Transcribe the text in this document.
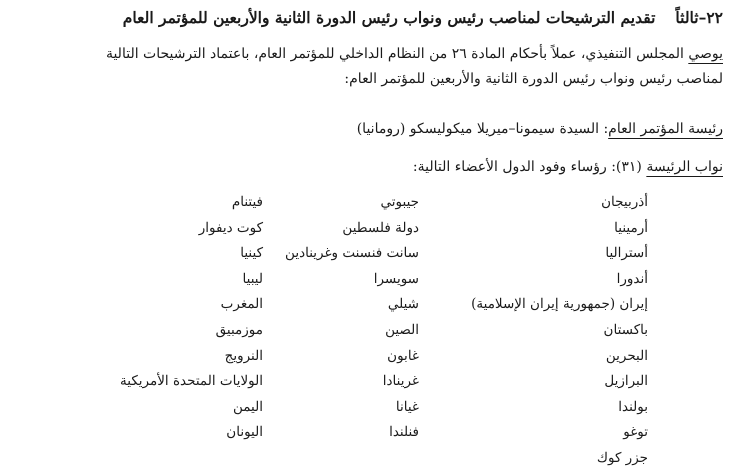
٢٢–ثالثاًتقديم الترشيحات لمناصب رئيس ونواب رئيس الدورة الثانية والأربعين للمؤتمر العام
يوصي المجلس التنفيذي، عملاً بأحكام المادة ٢٦ من النظام الداخلي للمؤتمر العام، باعتماد الترشيحات التالية
لمناصب رئيس ونواب رئيس الدورة الثانية والأربعين للمؤتمر العام:
رئيسة المؤتمر العام: السيدة سيمونا–ميريلا ميكوليسكو (رومانيا)
نواب الرئيسة (٣١): رؤساء وفود الدول الأعضاء التالية:
أذربيجان
أرمينيا
أستراليا
أندورا
إيران (جمهورية إيران الإسلامية)
باكستان
البحرين
البرازيل
بولندا
توغو
جزر كوك
جيبوتي
دولة فلسطين
سانت فنسنت وغرينادين
سويسرا
شيلي
الصين
غابون
غرينادا
غيانا
فنلندا
فيتنام
كوت ديفوار
كينيا
ليبيا
المغرب
موزمبيق
النرويج
الولايات المتحدة الأمريكية
اليمن
اليونان
